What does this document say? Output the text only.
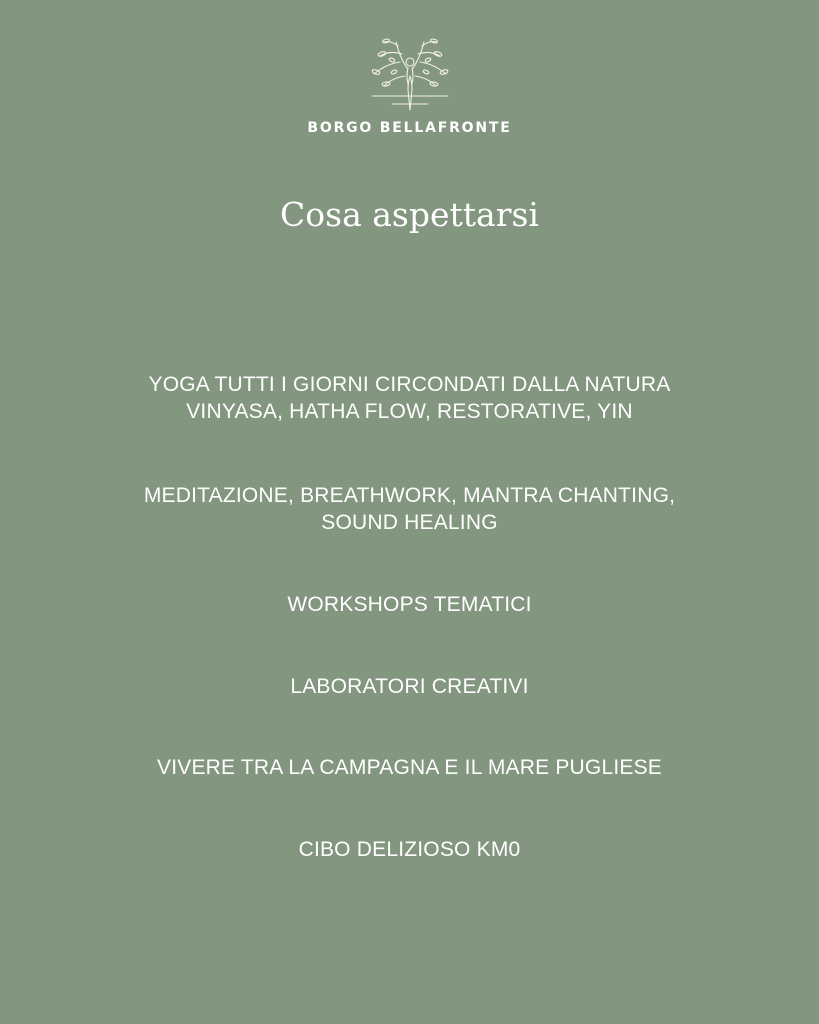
BORGO BELLAFRONTE
Cosa aspettarsi
YOGA TUTTI I GIORNI CIRCONDATI DALLA NATURA
VINYASA, HATHA FLOW, RESTORATIVE, YIN
MEDITAZIONE, BREATHWORK, MANTRA CHANTING,
SOUND HEALING
WORKSHOPS TEMATICI
LABORATORI CREATIVI
VIVERE TRA LA CAMPAGNA E IL MARE PUGLIESE
CIBO DELIZIOSO KM0
